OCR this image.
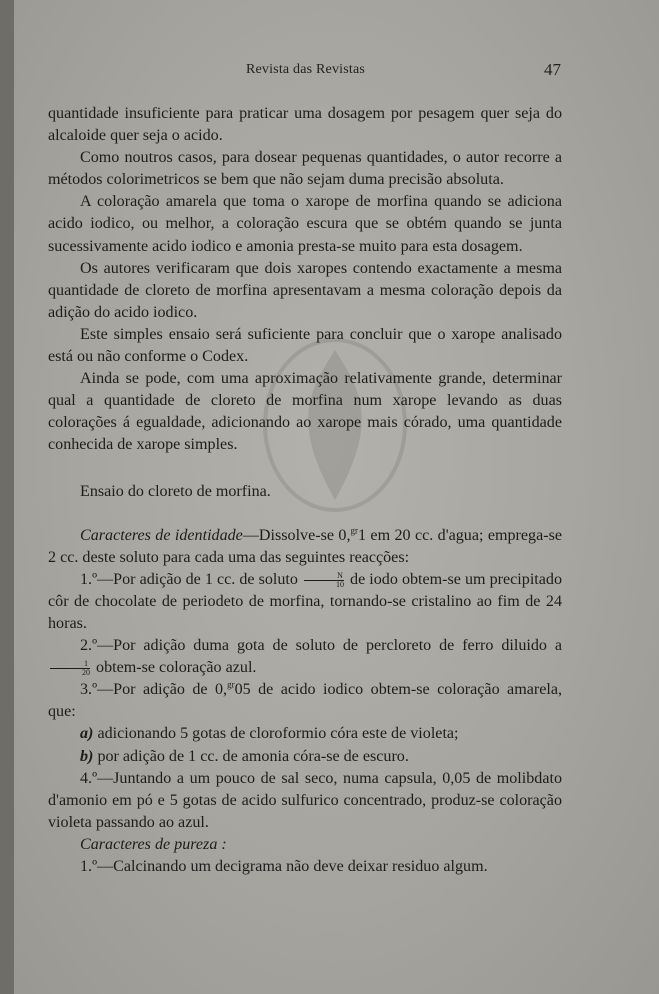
Revista das Revistas	47

quantidade insuficiente para praticar uma dosagem por pesagem quer seja do alcaloide quer seja o acido.

Como noutros casos, para dosear pequenas quantidades, o autor recorre a métodos colorimetricos se bem que não sejam duma precisão absoluta.

A coloração amarela que toma o xarope de morfina quando se adiciona acido iodico, ou melhor, a coloração escura que se obtém quando se junta sucessivamente acido iodico e amonia presta-se muito para esta dosagem.

Os autores verificaram que dois xaropes contendo exactamente a mesma quantidade de cloreto de morfina apresentavam a mesma coloração depois da adição do acido iodico.

Este simples ensaio será suficiente para concluir que o xarope analisado está ou não conforme o Codex.

Ainda se pode, com uma aproximação relativamente grande, determinar qual a quantidade de cloreto de morfina num xarope levando as duas colorações á egualdade, adicionando ao xarope mais córado, uma quantidade conhecida de xarope simples.

Ensaio do cloreto de morfina.

Caracteres de identidade—Dissolve-se 0,$^{gr}$1 em 20 cc. d'agua; emprega-se 2 cc. deste soluto para cada uma das seguintes reacções:

1.º—Por adição de 1 cc. de soluto $\frac{N}{10}$ de iodo obtem-se um precipitado côr de chocolate de periodeto de morfina, tornando-se cristalino ao fim de 24 horas.

2.º—Por adição duma gota de soluto de percloreto de ferro diluido a
$\frac{1}{20}$ obtem-se coloração azul.

3.º—Por adição de 0,$^{gr}$05 de acido iodico obtem-se coloração amarela, que:

a) adicionando 5 gotas de cloroformio córa este de violeta;

b) por adição de 1 cc. de amonia córa-se de escuro.

4.º—Juntando a um pouco de sal seco, numa capsula, 0,05 de molibdato d'amonio em pó e 5 gotas de acido sulfurico concentrado, produz-se coloração violeta passando ao azul.

Caracteres de pureza :

1.º—Calcinando um decigrama não deve deixar residuo algum.
